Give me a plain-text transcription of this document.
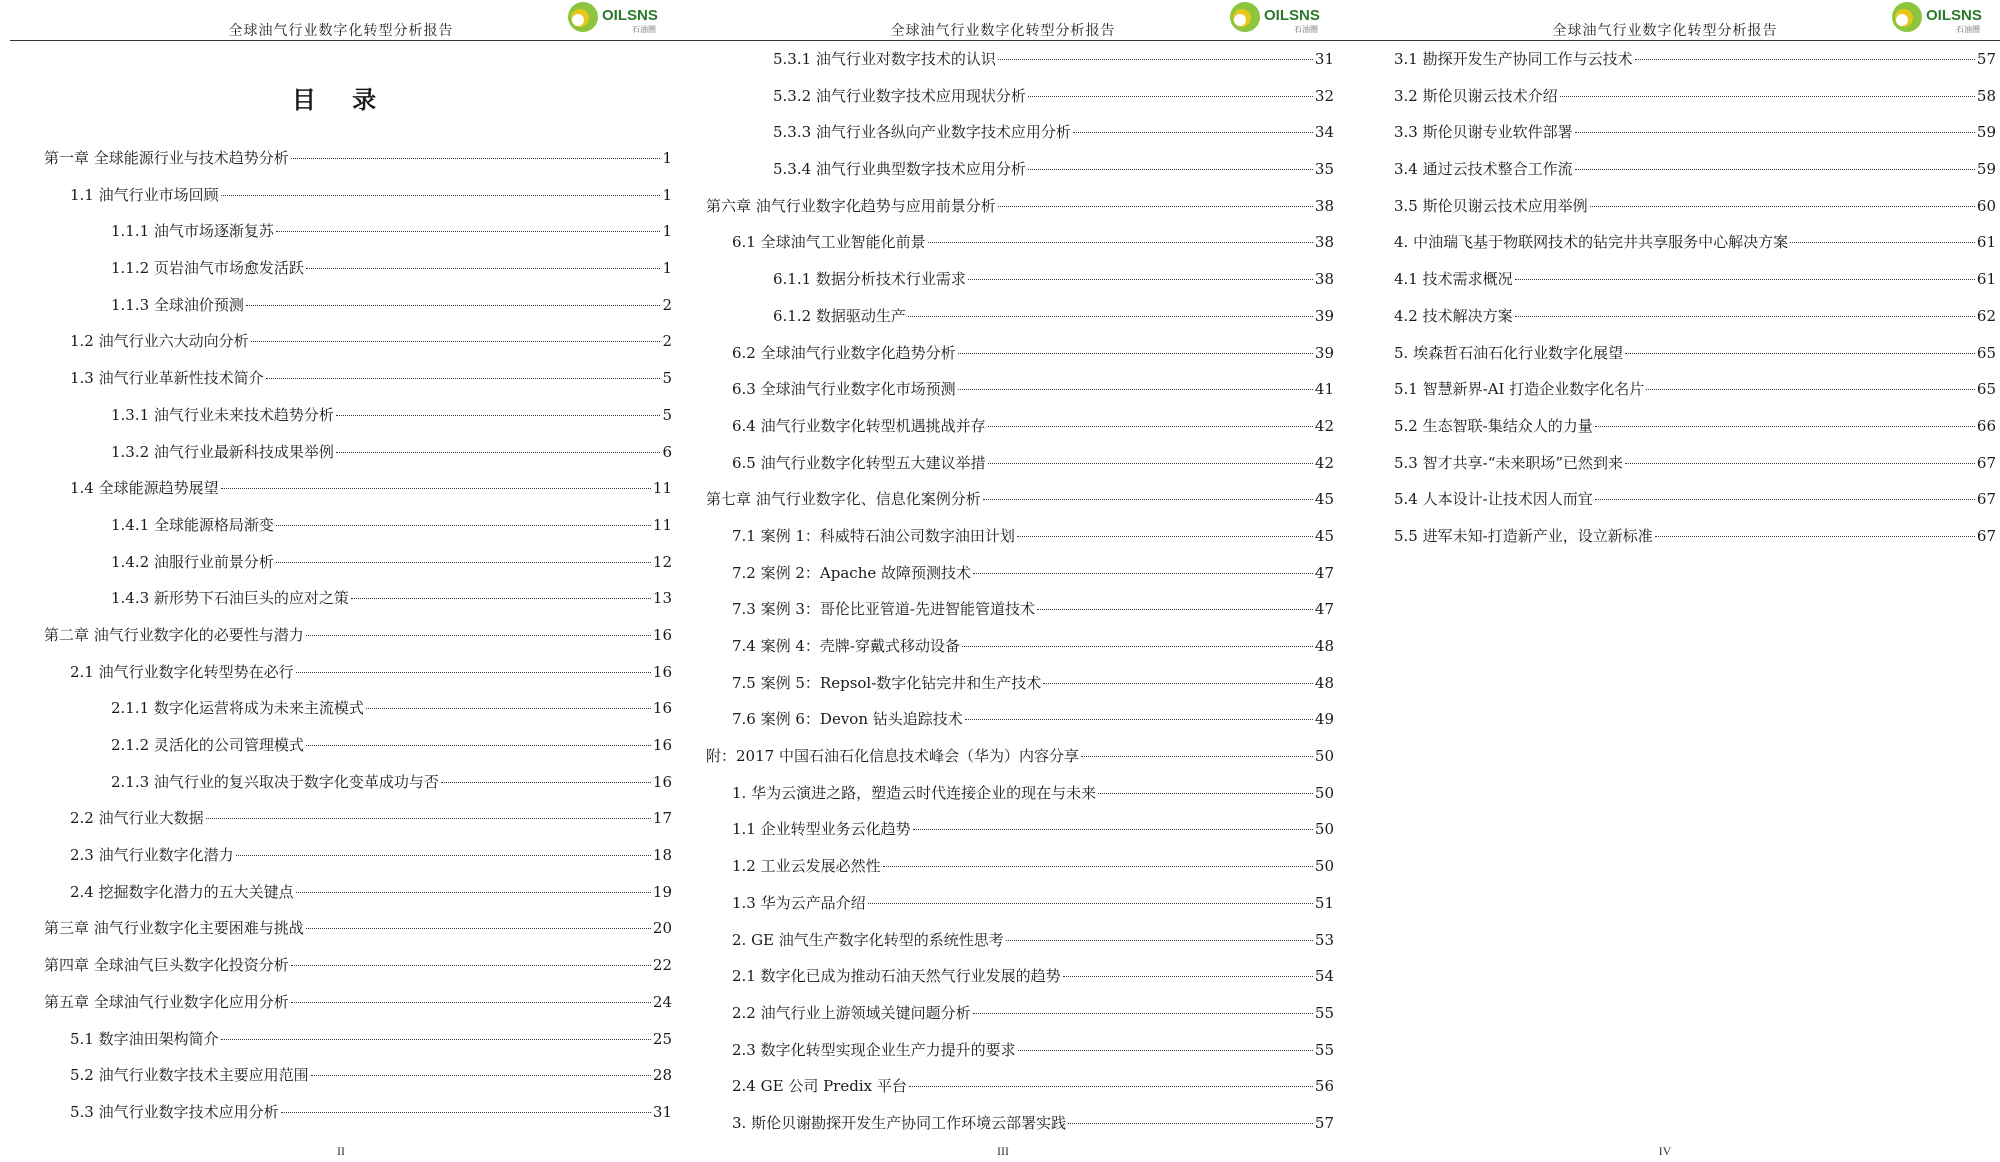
全球油气行业数字化转型分析报告
OILSNS
石油圈
目 录
第一章 全球能源行业与技术趋势分析	1
1.1 油气行业市场回顾	1
1.1.1 油气市场逐渐复苏	1
1.1.2 页岩油气市场愈发活跃	1
1.1.3 全球油价预测	2
1.2 油气行业六大动向分析	2
1.3 油气行业革新性技术简介	5
1.3.1 油气行业未来技术趋势分析	5
1.3.2 油气行业最新科技成果举例	6
1.4 全球能源趋势展望	11
1.4.1 全球能源格局渐变	11
1.4.2 油服行业前景分析	12
1.4.3 新形势下石油巨头的应对之策	13
第二章 油气行业数字化的必要性与潜力	16
2.1 油气行业数字化转型势在必行	16
2.1.1 数字化运营将成为未来主流模式	16
2.1.2 灵活化的公司管理模式	16
2.1.3 油气行业的复兴取决于数字化变革成功与否	16
2.2 油气行业大数据	17
2.3 油气行业数字化潜力	18
2.4 挖掘数字化潜力的五大关键点	19
第三章 油气行业数字化主要困难与挑战	20
第四章 全球油气巨头数字化投资分析	22
第五章 全球油气行业数字化应用分析	24
5.1 数字油田架构简介	25
5.2 油气行业数字技术主要应用范围	28
5.3 油气行业数字技术应用分析	31
II
全球油气行业数字化转型分析报告
OILSNS
石油圈
5.3.1 油气行业对数字技术的认识	31
5.3.2 油气行业数字技术应用现状分析	32
5.3.3 油气行业各纵向产业数字技术应用分析	34
5.3.4 油气行业典型数字技术应用分析	35
第六章 油气行业数字化趋势与应用前景分析	38
6.1 全球油气工业智能化前景	38
6.1.1 数据分析技术行业需求	38
6.1.2 数据驱动生产	39
6.2 全球油气行业数字化趋势分析	39
6.3 全球油气行业数字化市场预测	41
6.4 油气行业数字化转型机遇挑战并存	42
6.5 油气行业数字化转型五大建议举措	42
第七章 油气行业数字化、信息化案例分析	45
7.1 案例 1：科威特石油公司数字油田计划	45
7.2 案例 2：Apache 故障预测技术	47
7.3 案例 3：哥伦比亚管道-先进智能管道技术	47
7.4 案例 4：壳牌-穿戴式移动设备	48
7.5 案例 5：Repsol-数字化钻完井和生产技术	48
7.6 案例 6：Devon 钻头追踪技术	49
附：2017 中国石油石化信息技术峰会（华为）内容分享	50
1. 华为云演进之路，塑造云时代连接企业的现在与未来	50
1.1 企业转型业务云化趋势	50
1.2 工业云发展必然性	50
1.3 华为云产品介绍	51
2. GE 油气生产数字化转型的系统性思考	53
2.1 数字化已成为推动石油天然气行业发展的趋势	54
2.2 油气行业上游领域关键问题分析	55
2.3 数字化转型实现企业生产力提升的要求	55
2.4 GE 公司 Predix 平台	56
3. 斯伦贝谢勘探开发生产协同工作环境云部署实践	57
III
全球油气行业数字化转型分析报告
OILSNS
石油圈
3.1 勘探开发生产协同工作与云技术	57
3.2 斯伦贝谢云技术介绍	58
3.3 斯伦贝谢专业软件部署	59
3.4 通过云技术整合工作流	59
3.5 斯伦贝谢云技术应用举例	60
4. 中油瑞飞基于物联网技术的钻完井共享服务中心解决方案	61
4.1 技术需求概况	61
4.2 技术解决方案	62
5. 埃森哲石油石化行业数字化展望	65
5.1 智慧新界-AI 打造企业数字化名片	65
5.2 生态智联-集结众人的力量	66
5.3 智才共享-“未来职场”已然到来	67
5.4 人本设计-让技术因人而宜	67
5.5 进军未知-打造新产业，设立新标准	67
IV
